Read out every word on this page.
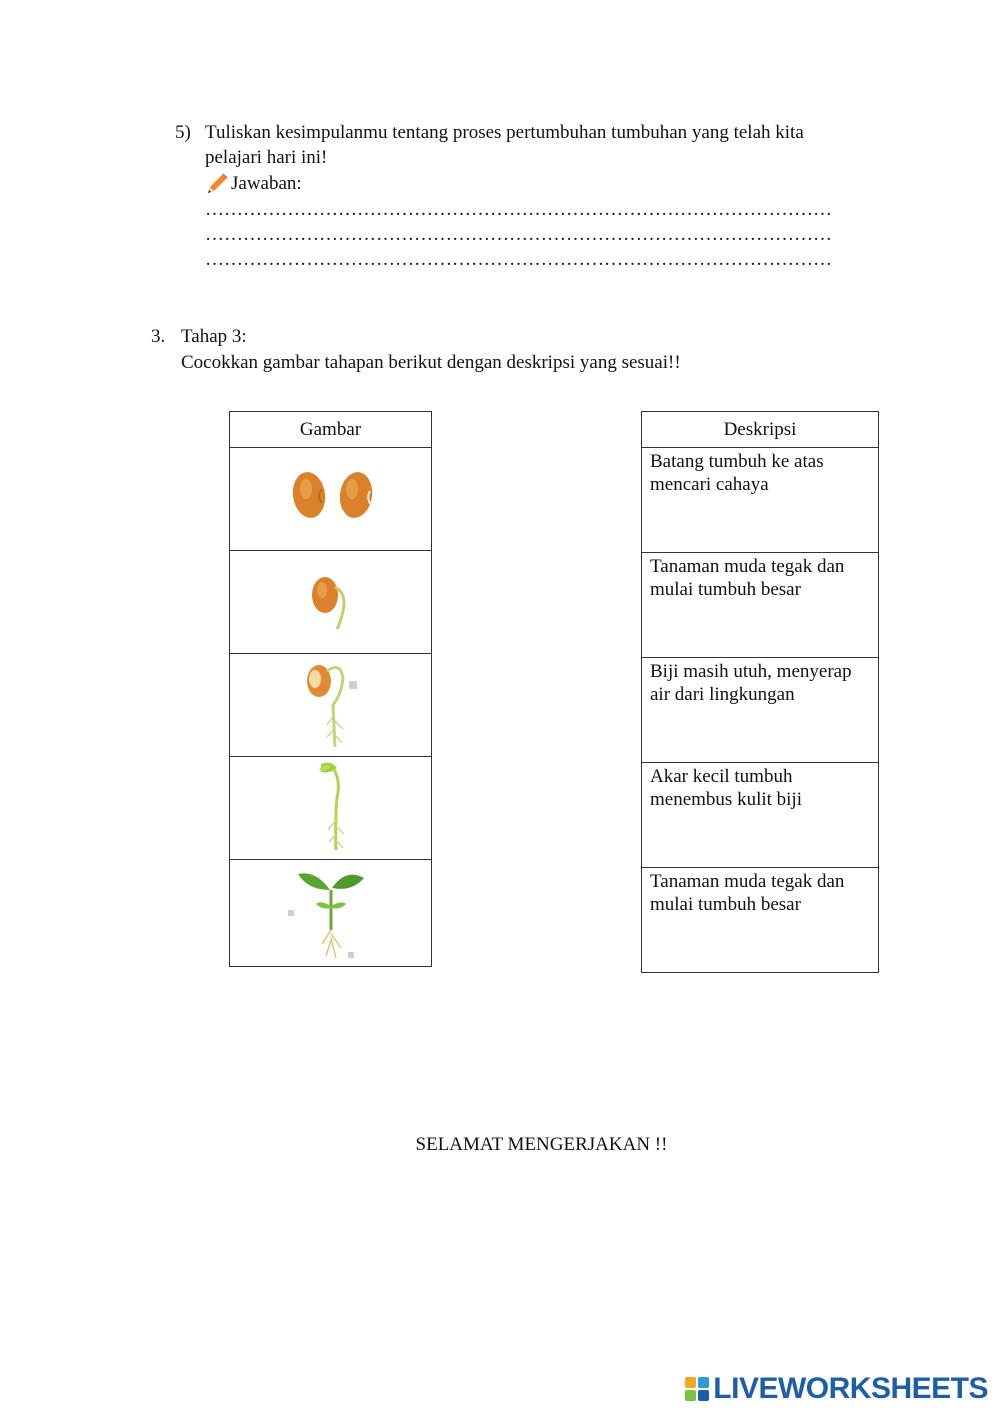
5) Tuliskan kesimpulanmu tentang proses pertumbuhan tumbuhan yang telah kita
pelajari hari ini!
Jawaban:
………………………………………………………………………………………
………………………………………………………………………………………
………………………………………………………………………………………
3. Tahap 3:
Cocokkan gambar tahapan berikut dengan deskripsi yang sesuai!!
Gambar	Deskripsi
Batang tumbuh ke atas mencari cahaya
Tanaman muda tegak dan mulai tumbuh besar
Biji masih utuh, menyerap air dari lingkungan
Akar kecil tumbuh menembus kulit biji
Tanaman muda tegak dan mulai tumbuh besar
SELAMAT MENGERJAKAN !!
LIVEWORKSHEETS
